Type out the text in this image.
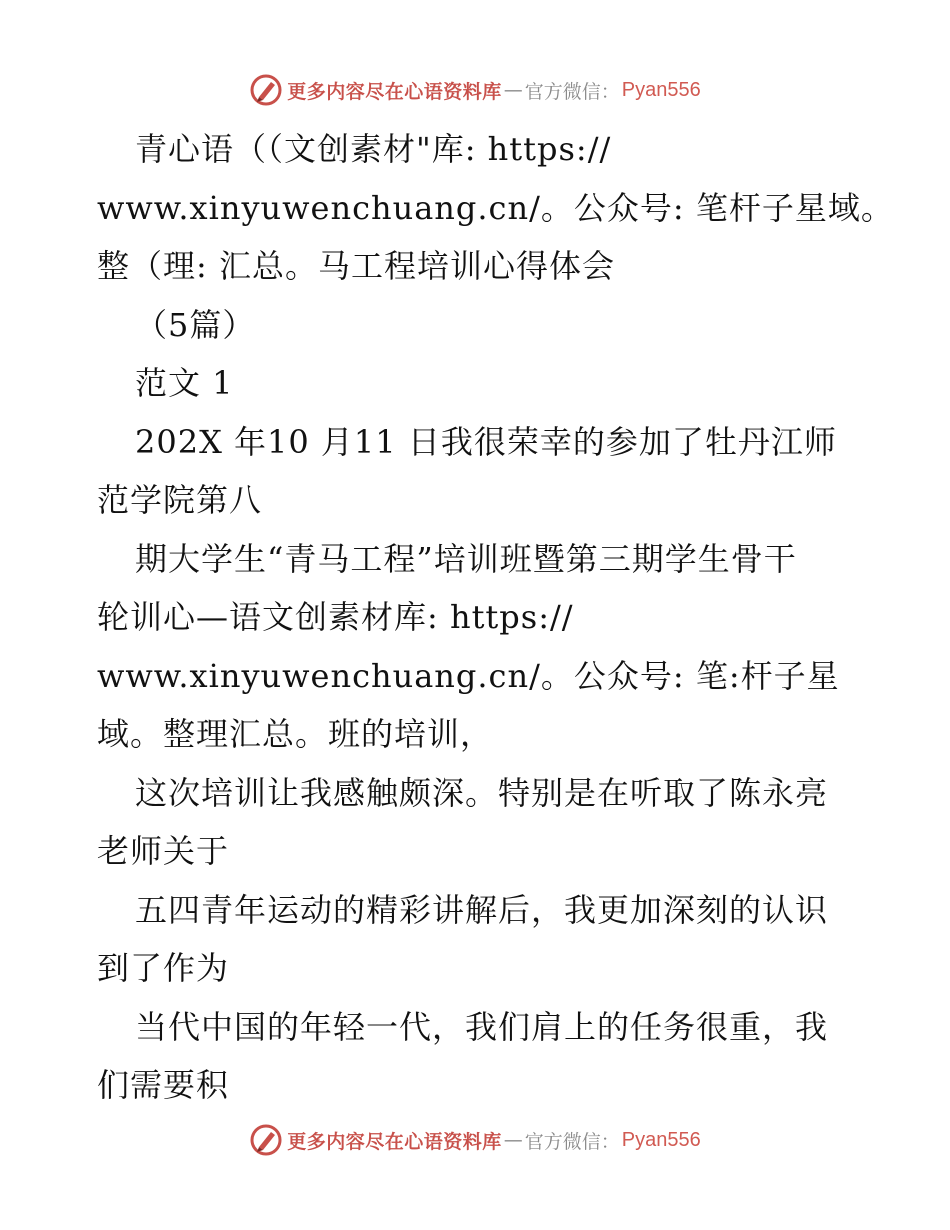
更多内容尽在心语资料库 — 官方微信： Pyan556
青心语（（文创素材"库: https://
www.xinyuwenchuang.cn/。公众号: 笔杆子星域。
整（理: 汇总。马工程培训心得体会
（5篇）
范文 1
202X 年10 月11 日我很荣幸的参加了牡丹江师
范学院第八
期大学生“青马工程”培训班暨第三期学生骨干
轮训心—语文创素材库: https://
www.xinyuwenchuang.cn/。公众号: 笔:杆子星
域。整理汇总。班的培训，
这次培训让我感触颇深。特别是在听取了陈永亮
老师关于
五四青年运动的精彩讲解后，我更加深刻的认识
到了作为
当代中国的年轻一代，我们肩上的任务很重，我
们需要积
更多内容尽在心语资料库 — 官方微信： Pyan556
